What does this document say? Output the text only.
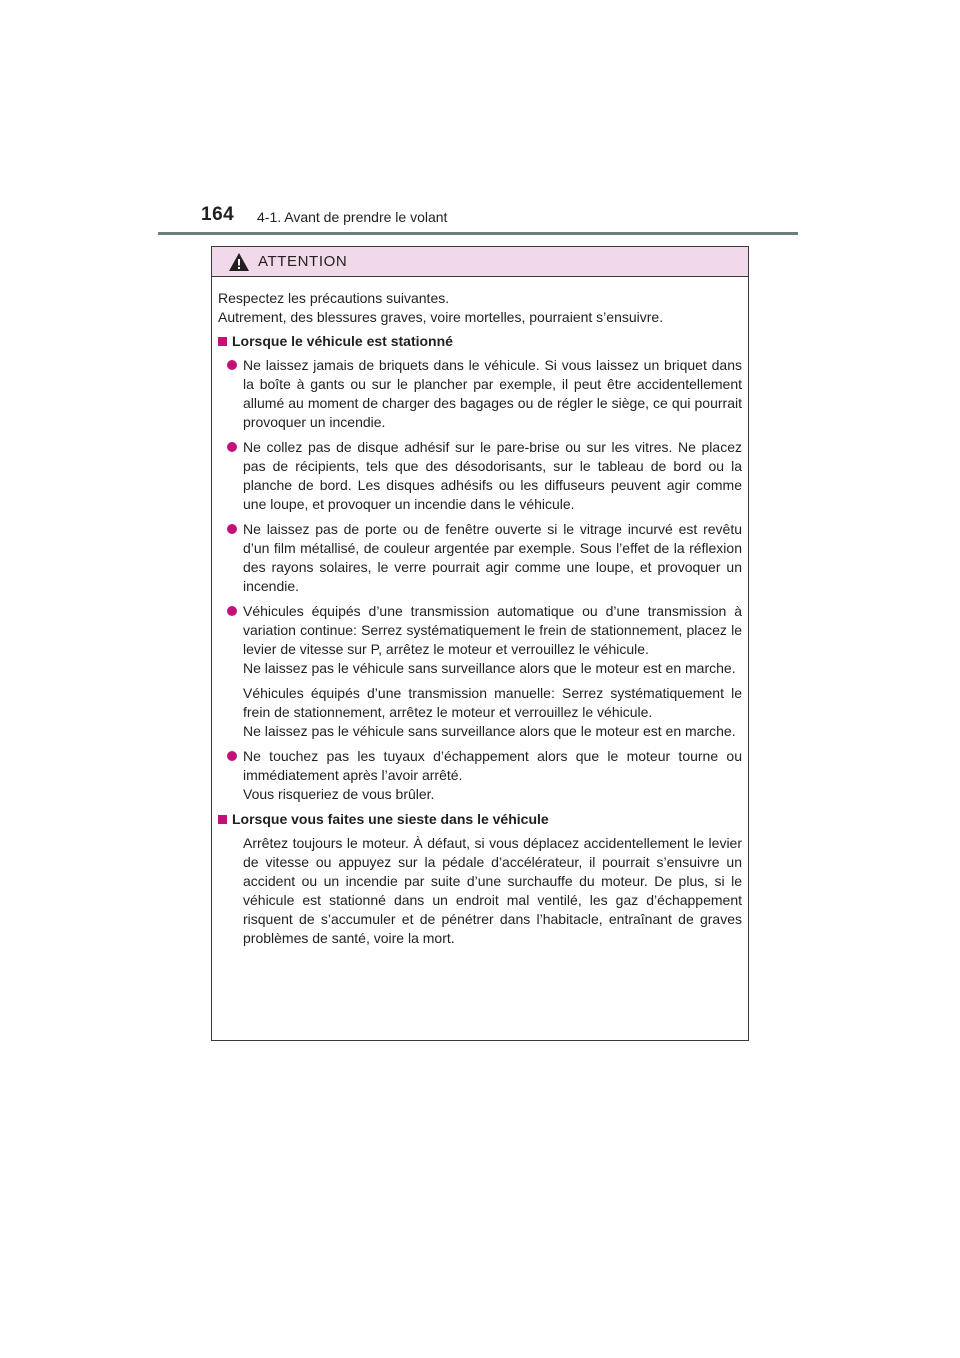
164 4-1. Avant de prendre le volant
ATTENTION

Respectez les précautions suivantes.

Autrement, des blessures graves, voire mortelles, pourraient s’ensuivre.

Lorsque le véhicule est stationné

Ne laissez jamais de briquets dans le véhicule. Si vous laissez un briquet dans la boîte à gants ou sur le plancher par exemple, il peut être accidentellement allumé au moment de charger des bagages ou de régler le siège, ce qui pourrait provoquer un incendie.

Ne collez pas de disque adhésif sur le pare-brise ou sur les vitres. Ne placez pas de récipients, tels que des désodorisants, sur le tableau de bord ou la planche de bord. Les disques adhésifs ou les diffuseurs peuvent agir comme une loupe, et provoquer un incendie dans le véhicule.

Ne laissez pas de porte ou de fenêtre ouverte si le vitrage incurvé est revêtu d’un film métallisé, de couleur argentée par exemple. Sous l’effet de la réflexion des rayons solaires, le verre pourrait agir comme une loupe, et provoquer un incendie.

Véhicules équipés d’une transmission automatique ou d’une transmission à variation continue: Serrez systématiquement le frein de stationnement, placez le levier de vitesse sur P, arrêtez le moteur et verrouillez le véhicule.

Ne laissez pas le véhicule sans surveillance alors que le moteur est en marche.

Véhicules équipés d’une transmission manuelle: Serrez systématiquement le frein de stationnement, arrêtez le moteur et verrouillez le véhicule.

Ne laissez pas le véhicule sans surveillance alors que le moteur est en marche.

Ne touchez pas les tuyaux d’échappement alors que le moteur tourne ou immédiatement après l’avoir arrêté.

Vous risqueriez de vous brûler.

Lorsque vous faites une sieste dans le véhicule

Arrêtez toujours le moteur. À défaut, si vous déplacez accidentellement le levier de vitesse ou appuyez sur la pédale d’accélérateur, il pourrait s’ensuivre un accident ou un incendie par suite d’une surchauffe du moteur. De plus, si le véhicule est stationné dans un endroit mal ventilé, les gaz d’échappement risquent de s’accumuler et de pénétrer dans l’habitacle, entraînant de graves problèmes de santé, voire la mort.
